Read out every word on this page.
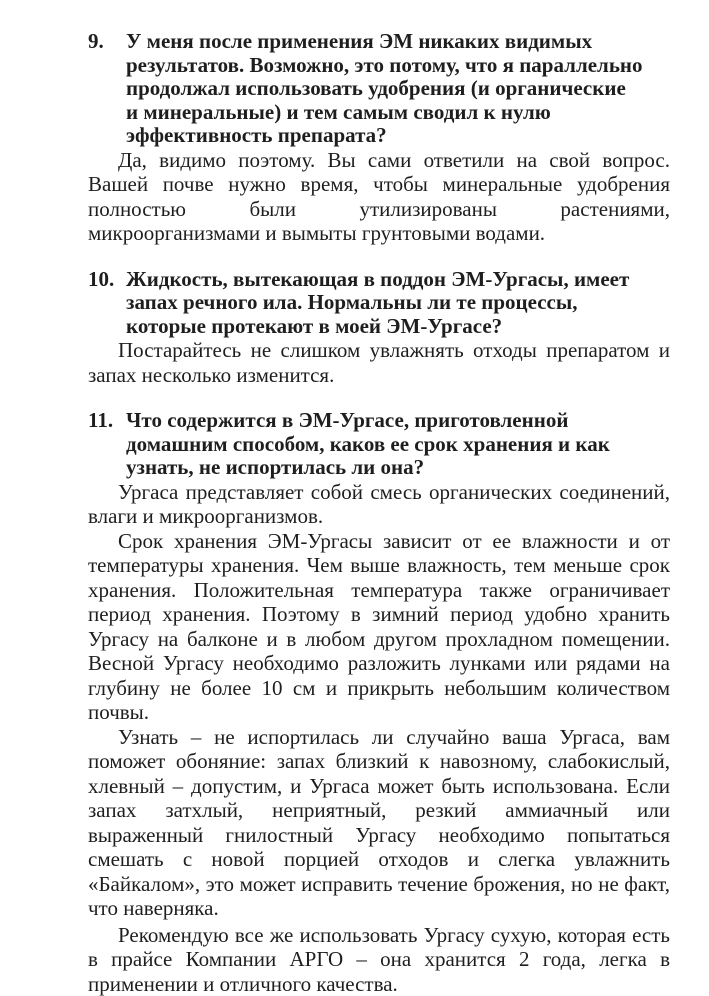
9.	У меня после применения ЭМ никаких видимых
результатов. Возможно, это потому, что я параллельно
продолжал использовать удобрения (и органические
и минеральные) и тем самым сводил к нулю
эффективность препарата?

Да, видимо поэтому. Вы сами ответили на свой вопрос. Вашей почве нужно время, чтобы минеральные удобрения полностью были утилизированы растениями, микроорганизмами и вымыты грунтовыми водами.

10. Жидкость, вытекающая в поддон ЭМ-Ургасы, имеет
запах речного ила. Нормальны ли те процессы,
которые протекают в моей ЭМ-Ургасе?

Постарайтесь не слишком увлажнять отходы препаратом и запах несколько изменится.

11. Что содержится в ЭМ-Ургасе, приготовленной
домашним способом, каков ее срок хранения и как
узнать, не испортилась ли она?

Ургаса представляет собой смесь органических соединений, влаги и микроорганизмов.

Срок хранения ЭМ-Ургасы зависит от ее влажности и от температуры хранения. Чем выше влажность, тем меньше срок хранения. Положительная температура также ограничивает период хранения. Поэтому в зимний период удобно хранить Ургасу на балконе и в любом другом прохладном помещении. Весной Ургасу необходимо разложить лунками или рядами на глубину не более 10 см и прикрыть небольшим количеством почвы.

Узнать – не испортилась ли случайно ваша Ургаса, вам поможет обоняние: запах близкий к навозному, слабокислый, хлевный – допустим, и Ургаса может быть использована. Если запах затхлый, неприятный, резкий аммиачный или выраженный гнилостный Ургасу необходимо попытаться смешать с новой порцией отходов и слегка увлажнить «Байкалом», это может исправить течение брожения, но не факт, что наверняка.

Рекомендую все же использовать Ургасу сухую, которая есть в прайсе Компании АРГО – она хранится 2 года, легка в применении и отличного качества.
